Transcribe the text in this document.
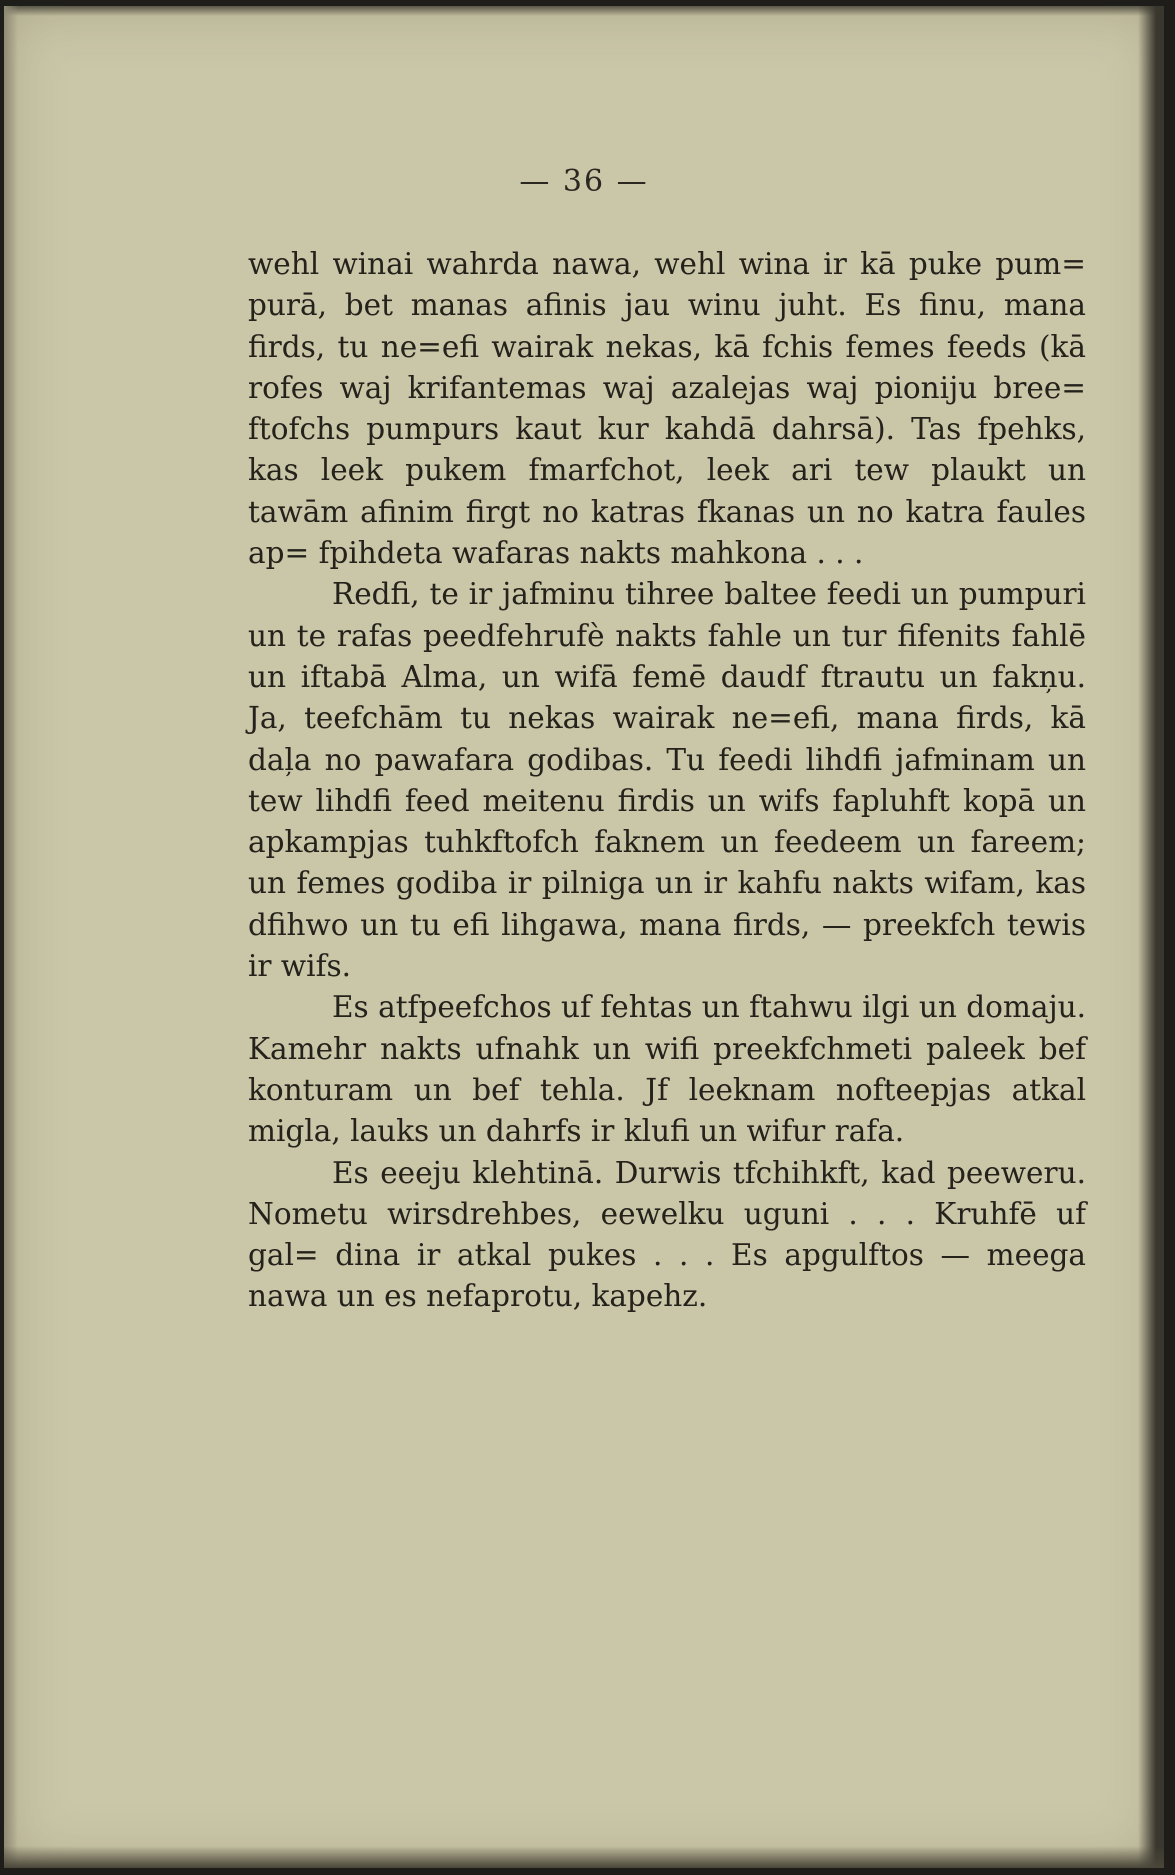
— 36 —

wehl winai wahrda nawa, wehl wina ir kā puke pum= purā, bet manas afinis jau winu juht. Es finu, mana firds, tu ne=efi wairak nekas, kā fchis femes feeds (kā rofes waj krifantemas waj azalejas waj pioniju bree= ftofchs pumpurs kaut kur kahdā dahrsā). Tas fpehks, kas leek pukem fmarfchot, leek ari tew plaukt un tawām afinim firgt no katras fkanas un no katra faules ap= fpihdeta wafaras nakts mahkona . . .

Redfi, te ir jafminu tihree baltee feedi un pumpuri un te rafas peedfehrufè nakts fahle un tur fifenits fahlē un iftabā Alma, un wifā femē daudf ftrautu un fakņu. Ja, teefchām tu nekas wairak ne=efi, mana firds, kā daļa no pawafara godibas. Tu feedi lihdfi jafminam un tew lihdfi feed meitenu firdis un wifs fapluhft kopā un apkampjas tuhkftofch faknem un feedeem un fareem; un femes godiba ir pilniga un ir kahfu nakts wifam, kas dfihwo un tu efi lihgawa, mana firds, — preekfch tewis ir wifs.

Es atfpeefchos uf fehtas un ftahwu ilgi un domaju. Kamehr nakts ufnahk un wifi preekfchmeti paleek bef konturam un bef tehla. Jf leeknam nofteepjas atkal migla, lauks un dahrfs ir klufi un wifur rafa.

Es eeeju klehtinā. Durwis tfchihkft, kad peeweru. Nometu wirsdrehbes, eewelku uguni . . . Kruhfē uf gal= dina ir atkal pukes . . . Es apgulftos — meega nawa un es nefaprotu, kapehz.
